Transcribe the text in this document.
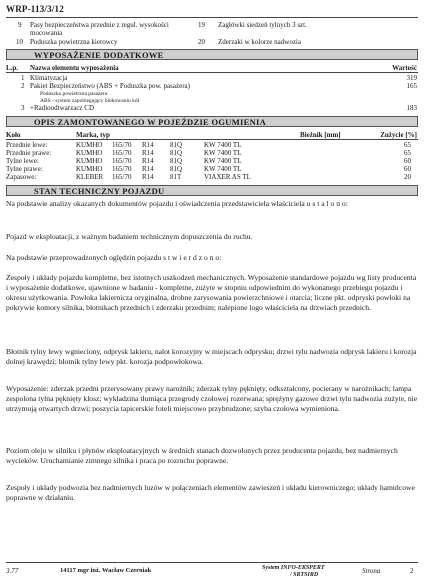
WRP-113/3/12
9 Pasy bezpieczeństwa przednie z regul. wysokości
mocowania
19 Zagłówki siedzeń tylnych 3 szt.
10 Poduszka powietrzna kierowcy	20 Zderzaki w kolorze nadwozia
WYPOSAŻENIE DODATKOWE
L.p. Nazwa elementu wyposażenia	Wartość
1 Klimatyzacja	319
2 Pakiet Bezpieczeństwo (ABS + Poduszka pow. pasażera)	165
Poduszka powietrzna pasażera
ABS - system zapobiegający blokowaniu kół
3 +Radioodtwarzacz CD	183
OPIS ZAMONTOWANEGO W POJEŹDZIE OGUMIENIA
Koło	Marka, typ	Bieżnik [mm]	Zużycie [%]
Przednie lewe:	KUMHO 165/70 R14 81Q	KW 7400 TL	65
Przednie prawe:	KUMHO 165/70 R14 81Q	KW 7400 TL	65
Tylne lewe:	KUMHO 165/70 R14 81Q	KW 7400 TL	60
Tylne prawe:	KUMHO 165/70 R14 81Q	KW 7400 TL	60
Zapasowe:	KLEBER 165/70 R14 81T	VIAXER AS TL	20
STAN TECHNICZNY POJAZDU
Na podstawie analizy okazanych dokumentów pojazdu i oświadczenia przedstawiciela właściciela u s t a l o n o:
Pojazd w eksploatacji, z ważnym badaniem technicznym dopuszczenia do ruchu.
Na podstawie przeprowadzonych oględzin pojazdu s t w i e r d z o n o:
Zespoły i układy pojazdu kompletne, bez istotnych uszkodzeń mechanicznych. Wyposażenie standardowe pojazdu wg listy producenta i wyposażenie dodatkowe, ujawnione w badaniu - kompletne, zużyte w stopniu odpowiednim do wykonanego przebiegu pojazdu i okresu użytkowania. Powłoka lakiernicza oryginalna, drobne zarysowania powierzchniowe i otarcia; liczne pkt. odpryski powłoki na pokrywie komory silnika, błotnikach przednich i zderzaku przednim; nalepione logo właściciela na drzwiach przednich.
Błotnik tylny lewy wgnieciony, odprysk lakieru, nalot korozyjny w miejscach odprysku; drzwi tylu nadwozia odprysk lakieru i korozja dolnej krawędzi; błotnik tylny lewy pkt. korozja podpowłokowa.
Wyposażenie: zderzak przedni przerysowany prawy narożnik; zderzak tylny pęknięty, odkształcony, pocierany w narożnikach; lampa zespolona tylna pęknięty klosz; wykładzina tłumiąca przegrody czołowej rozerwana; sprężyny gazowe drzwi tylu nadwozia zużyte, nie utrzymują otwartych drzwi; poszycia tapicerskie foteli miejscowo przybrudzone; szyba czołowa wymieniona.
Poziom oleju w silniku i płynów eksploatacyjnych w średnich stanach dozwolonych przez producenta pojazdu, bez nadmiernych wycieków. Uruchamianie zimnego silnika i praca po rozruchu poprawne.
Zespoły i układy podwozia bez nadmiernych luzów w połączeniach elementów zawieszeń i układu kierowniczego; układy hamulcowe poprawne w działaniu.
3.77	14117 mgr inż. Wacław Czerniak	System INFO-EKSPERT
/ SRTSIRD	Strona	2
